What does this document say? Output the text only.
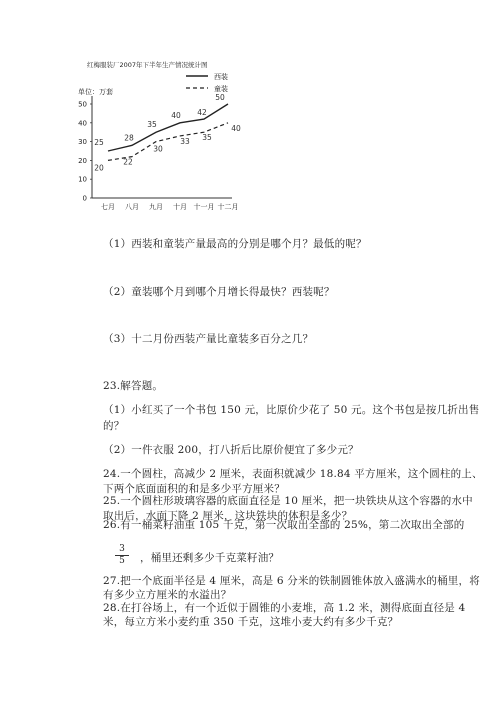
红梅服装厂2007年下半年生产情况统计图
单位：万套
0
10
20
30
40
50
七月 八月 九月 十月 十一月 十二月
25
28
35
40 42
50
20
22
30
33 35
40
西装
童装
（1）西装和童装产量最高的分别是哪个月？最低的呢？
（2）童装哪个月到哪个月增长得最快？西装呢？
（3）十二月份西装产量比童装多百分之几？
23.解答题。
（1）小红买了一个书包 150 元，比原价少花了 50 元。这个书包是按几折出售
的？
（2）一件衣服 200，打八折后比原价便宜了多少元？
24.一个圆柱，高减少 2 厘米，表面积就减少 18.84 平方厘米，这个圆柱的上、
下两个底面面积的和是多少平方厘米？
25.一个圆柱形玻璃容器的底面直径是 10 厘米，把一块铁块从这个容器的水中
取出后，水面下降 2 厘米，这块铁块的体积是多少？
26.有一桶菜籽油重 105 千克，第一次取出全部的 25%，第二次取出全部的
$\frac{3}{5}$ ，桶里还剩多少千克菜籽油？
27.把一个底面半径是 4 厘米，高是 6 分米的铁制圆锥体放入盛满水的桶里，将
有多少立方厘米的水溢出？
28.在打谷场上，有一个近似于圆锥的小麦堆，高 1.2 米，测得底面直径是 4
米，每立方米小麦约重 350 千克，这堆小麦大约有多少千克？
